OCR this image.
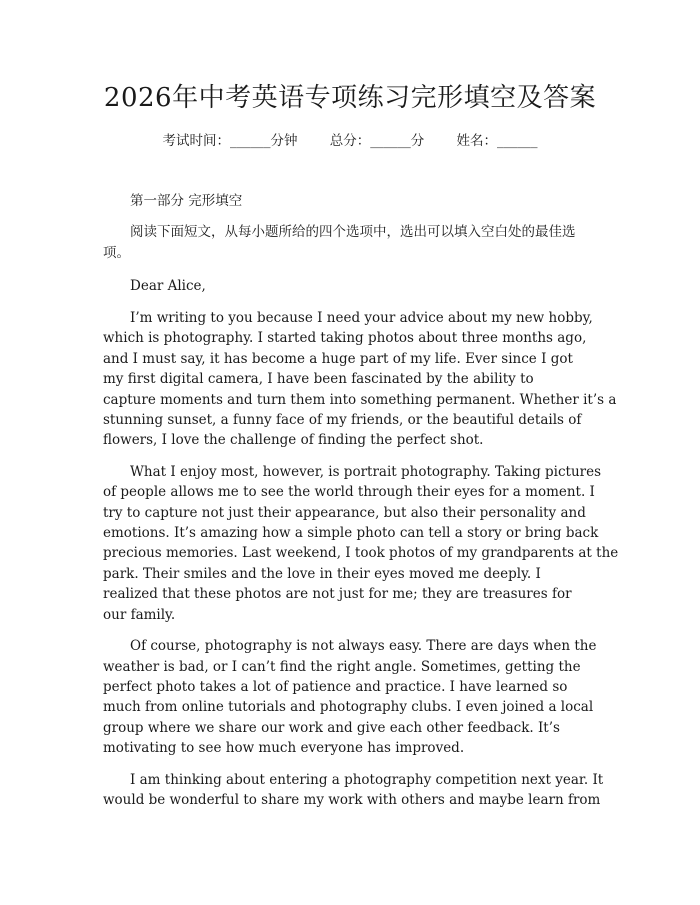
2026年中考英语专项练习完形填空及答案
考试时间：______分钟 总分：______分 姓名：______
第一部分 完形填空
阅读下面短文，从每小题所给的四个选项中，选出可以填入空白处的最佳选
项。
Dear Alice,
I’m writing to you because I need your advice about my new hobby,
which is photography. I started taking photos about three months ago,
and I must say, it has become a huge part of my life. Ever since I got
my first digital camera, I have been fascinated by the ability to
capture moments and turn them into something permanent. Whether it’s a
stunning sunset, a funny face of my friends, or the beautiful details of
flowers, I love the challenge of finding the perfect shot.
What I enjoy most, however, is portrait photography. Taking pictures
of people allows me to see the world through their eyes for a moment. I
try to capture not just their appearance, but also their personality and
emotions. It’s amazing how a simple photo can tell a story or bring back
precious memories. Last weekend, I took photos of my grandparents at the
park. Their smiles and the love in their eyes moved me deeply. I
realized that these photos are not just for me; they are treasures for
our family.
Of course, photography is not always easy. There are days when the
weather is bad, or I can’t find the right angle. Sometimes, getting the
perfect photo takes a lot of patience and practice. I have learned so
much from online tutorials and photography clubs. I even joined a local
group where we share our work and give each other feedback. It’s
motivating to see how much everyone has improved.
I am thinking about entering a photography competition next year. It
would be wonderful to share my work with others and maybe learn from
